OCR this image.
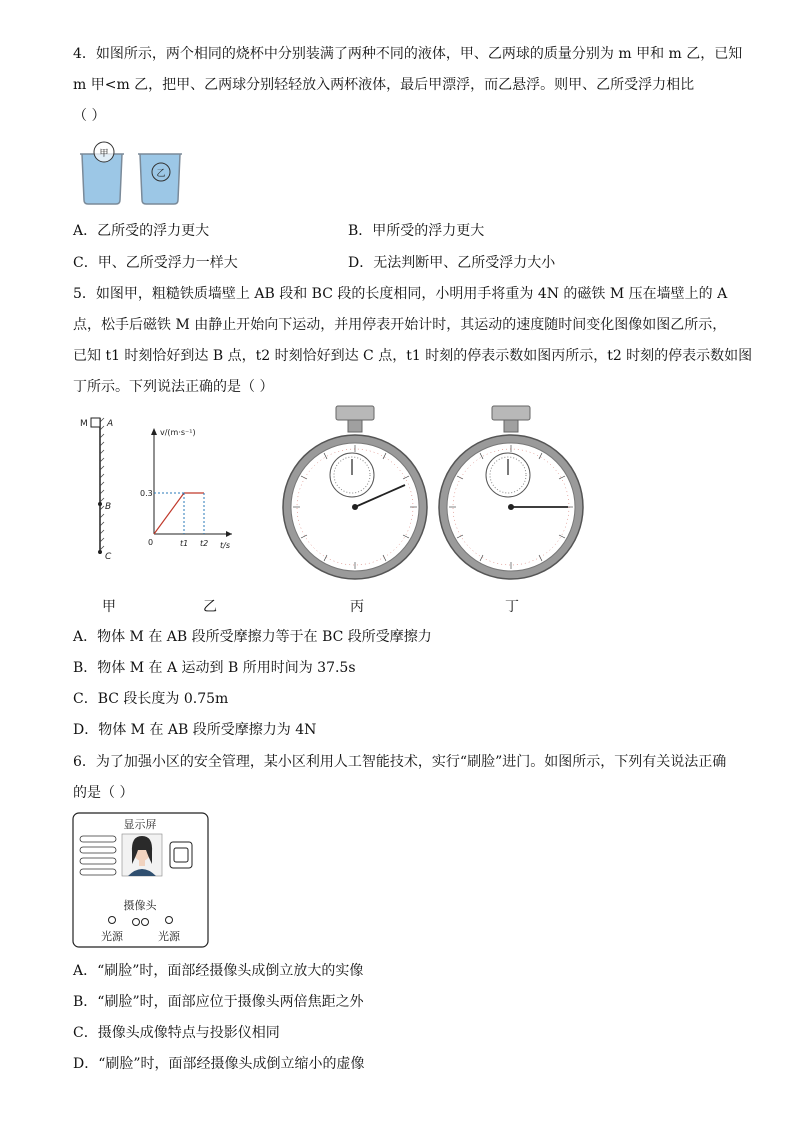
4．如图所示，两个相同的烧杯中分别装满了两种不同的液体，甲、乙两球的质量分别为 m 甲和 m 乙，已知
m 甲<m 乙，把甲、乙两球分别轻轻放入两杯液体，最后甲漂浮，而乙悬浮。则甲、乙所受浮力相比
（ ）
甲
乙
A．乙所受的浮力更大	B．甲所受的浮力更大
C．甲、乙所受浮力一样大	D．无法判断甲、乙所受浮力大小
5．如图甲，粗糙铁质墙壁上 AB 段和 BC 段的长度相同，小明用手将重为 4N 的磁铁 M 压在墙壁上的 A
点，松手后磁铁 M 由静止开始向下运动，并用停表开始计时，其运动的速度随时间变化图像如图乙所示，
已知 t1 时刻恰好到达 B 点，t2 时刻恰好到达 C 点，t1 时刻的停表示数如图丙所示，t2 时刻的停表示数如图
丁所示。下列说法正确的是（ ）
M A
B
C
v/(m·s⁻¹)
t/s
0.3
0	t1 t2
甲	乙	丙	丁
A．物体 M 在 AB 段所受摩擦力等于在 BC 段所受摩擦力
B．物体 M 在 A 运动到 B 所用时间为 37.5s
C．BC 段长度为 0.75m
D．物体 M 在 AB 段所受摩擦力为 4N
6．为了加强小区的安全管理，某小区利用人工智能技术，实行“刷脸”进门。如图所示，下列有关说法正确
的是（ ）
显示屏
摄像头
光源	光源
A．“刷脸”时，面部经摄像头成倒立放大的实像
B．“刷脸”时，面部应位于摄像头两倍焦距之外
C．摄像头成像特点与投影仪相同
D．“刷脸”时，面部经摄像头成倒立缩小的虚像
